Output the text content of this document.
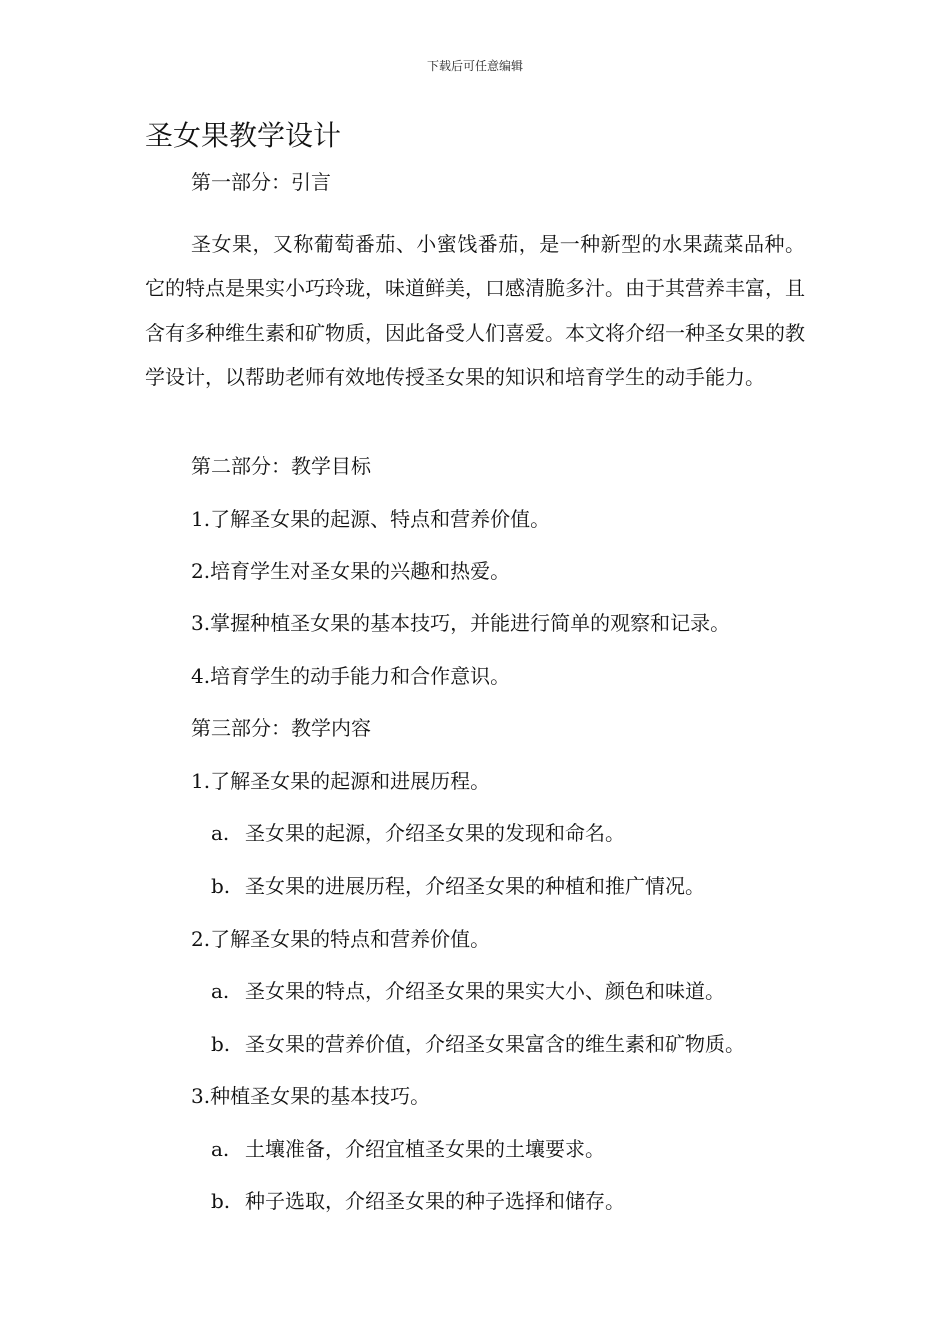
下载后可任意编辑
圣女果教学设计

第一部分：引言

圣女果，又称葡萄番茄、小蜜饯番茄，是一种新型的水果蔬菜品种。它的特点是果实小巧玲珑，味道鲜美，口感清脆多汁。由于其营养丰富，且含有多种维生素和矿物质，因此备受人们喜爱。本文将介绍一种圣女果的教学设计，以帮助老师有效地传授圣女果的知识和培育学生的动手能力。

第二部分：教学目标

1.了解圣女果的起源、特点和营养价值。

2.培育学生对圣女果的兴趣和热爱。

3.掌握种植圣女果的基本技巧，并能进行简单的观察和记录。

4.培育学生的动手能力和合作意识。

第三部分：教学内容

1.了解圣女果的起源和进展历程。

a. 圣女果的起源，介绍圣女果的发现和命名。

b. 圣女果的进展历程，介绍圣女果的种植和推广情况。

2.了解圣女果的特点和营养价值。

a. 圣女果的特点，介绍圣女果的果实大小、颜色和味道。

b. 圣女果的营养价值，介绍圣女果富含的维生素和矿物质。

3.种植圣女果的基本技巧。

a. 土壤准备，介绍宜植圣女果的土壤要求。

b. 种子选取，介绍圣女果的种子选择和储存。
